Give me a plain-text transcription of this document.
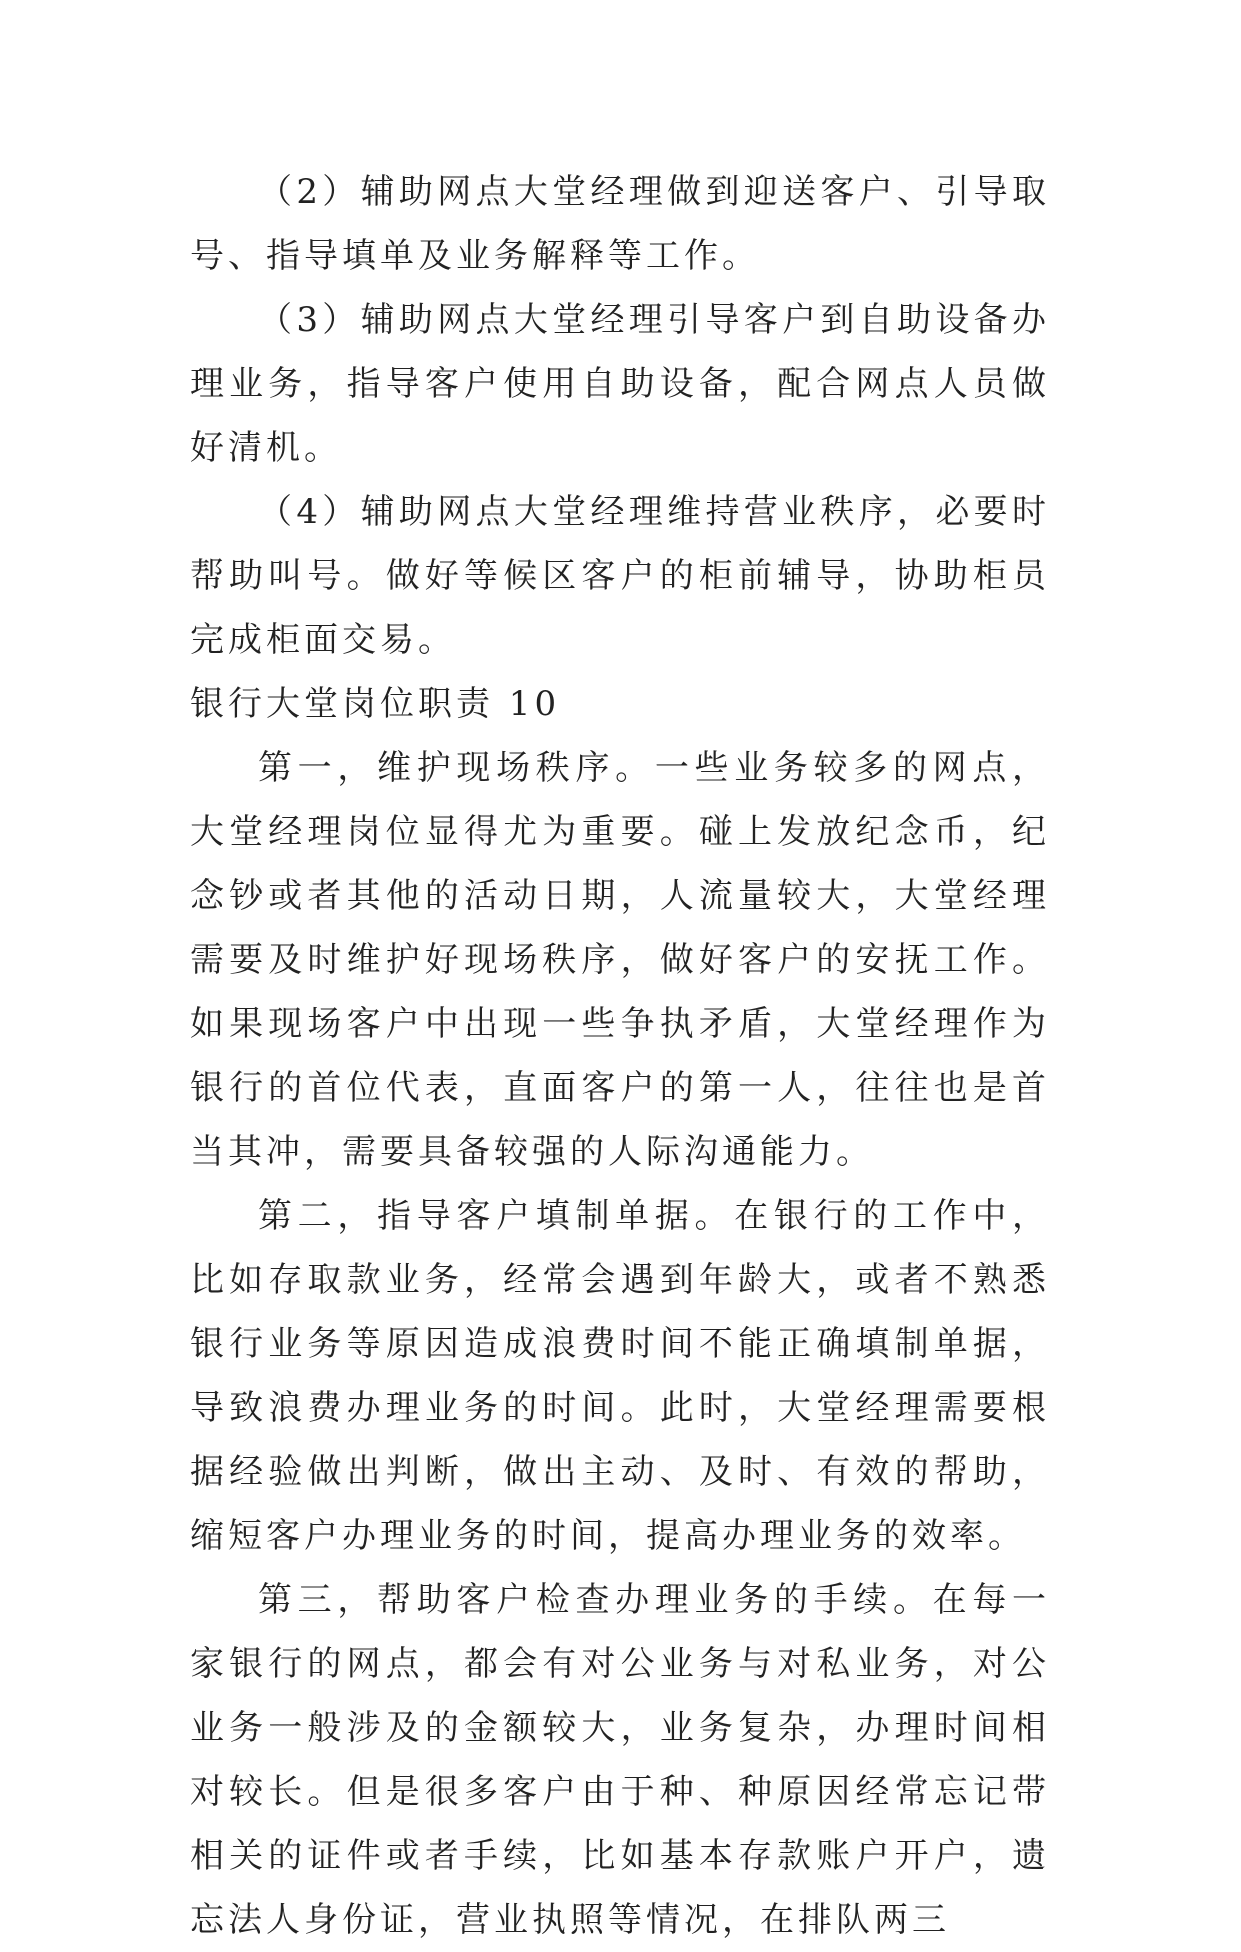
（2）辅助网点大堂经理做到迎送客户、引导取号、指导填单及业务解释等工作。

（3）辅助网点大堂经理引导客户到自助设备办理业务，指导客户使用自助设备，配合网点人员做好清机。

（4）辅助网点大堂经理维持营业秩序，必要时帮助叫号。做好等候区客户的柜前辅导，协助柜员完成柜面交易。

银行大堂岗位职责 10

第一，维护现场秩序。一些业务较多的网点，大堂经理岗位显得尤为重要。碰上发放纪念币，纪念钞或者其他的活动日期，人流量较大，大堂经理需要及时维护好现场秩序，做好客户的安抚工作。如果现场客户中出现一些争执矛盾，大堂经理作为银行的首位代表，直面客户的第一人，往往也是首当其冲，需要具备较强的人际沟通能力。

第二，指导客户填制单据。在银行的工作中，比如存取款业务，经常会遇到年龄大，或者不熟悉银行业务等原因造成浪费时间不能正确填制单据，导致浪费办理业务的时间。此时，大堂经理需要根据经验做出判断，做出主动、及时、有效的帮助，缩短客户办理业务的时间，提高办理业务的效率。

第三，帮助客户检查办理业务的手续。在每一家银行的网点，都会有对公业务与对私业务，对公业务一般涉及的金额较大，业务复杂，办理时间相对较长。但是很多客户由于种、种原因经常忘记带相关的证件或者手续，比如基本存款账户开户，遗忘法人身份证，营业执照等情况，在排队两三
